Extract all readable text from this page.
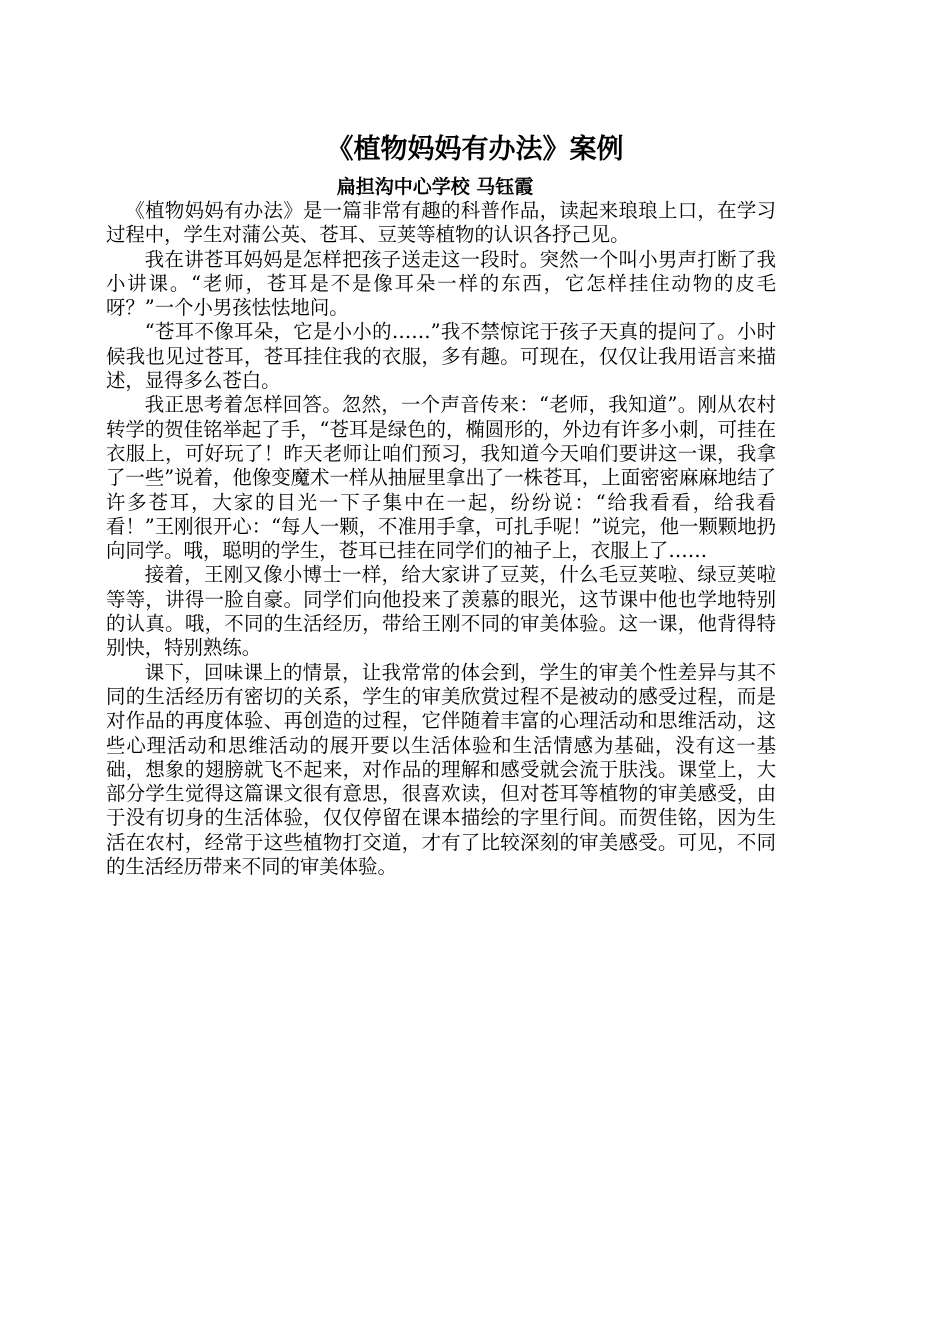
《植物妈妈有办法》案例
扁担沟中心学校 马钰霞

《植物妈妈有办法》是一篇非常有趣的科普作品，读起来琅琅上口，在学习过程中，学生对蒲公英、苍耳、豆荚等植物的认识各抒己见。

我在讲苍耳妈妈是怎样把孩子送走这一段时。突然一个叫小男声打断了我小讲课。“老师，苍耳是不是像耳朵一样的东西，它怎样挂住动物的皮毛呀？”一个小男孩怯怯地问。

“苍耳不像耳朵，它是小小的……”我不禁惊诧于孩子天真的提问了。小时候我也见过苍耳，苍耳挂住我的衣服，多有趣。可现在，仅仅让我用语言来描述，显得多么苍白。

我正思考着怎样回答。忽然，一个声音传来：“老师，我知道”。刚从农村转学的贺佳铭举起了手，“苍耳是绿色的，椭圆形的，外边有许多小刺，可挂在衣服上，可好玩了！昨天老师让咱们预习，我知道今天咱们要讲这一课，我拿了一些”说着，他像变魔术一样从抽屉里拿出了一株苍耳，上面密密麻麻地结了许多苍耳，大家的目光一下子集中在一起，纷纷说：“给我看看，给我看看！”王刚很开心：“每人一颗，不准用手拿，可扎手呢！”说完，他一颗颗地扔向同学。哦，聪明的学生，苍耳已挂在同学们的袖子上，衣服上了……

接着，王刚又像小博士一样，给大家讲了豆荚，什么毛豆荚啦、绿豆荚啦等等，讲得一脸自豪。同学们向他投来了羡慕的眼光，这节课中他也学地特别的认真。哦，不同的生活经历，带给王刚不同的审美体验。这一课，他背得特别快，特别熟练。

课下，回味课上的情景，让我常常的体会到，学生的审美个性差异与其不同的生活经历有密切的关系，学生的审美欣赏过程不是被动的感受过程，而是对作品的再度体验、再创造的过程，它伴随着丰富的心理活动和思维活动，这些心理活动和思维活动的展开要以生活体验和生活情感为基础，没有这一基础，想象的翅膀就飞不起来，对作品的理解和感受就会流于肤浅。课堂上，大部分学生觉得这篇课文很有意思，很喜欢读，但对苍耳等植物的审美感受，由于没有切身的生活体验，仅仅停留在课本描绘的字里行间。而贺佳铭，因为生活在农村，经常于这些植物打交道，才有了比较深刻的审美感受。可见，不同的生活经历带来不同的审美体验。
